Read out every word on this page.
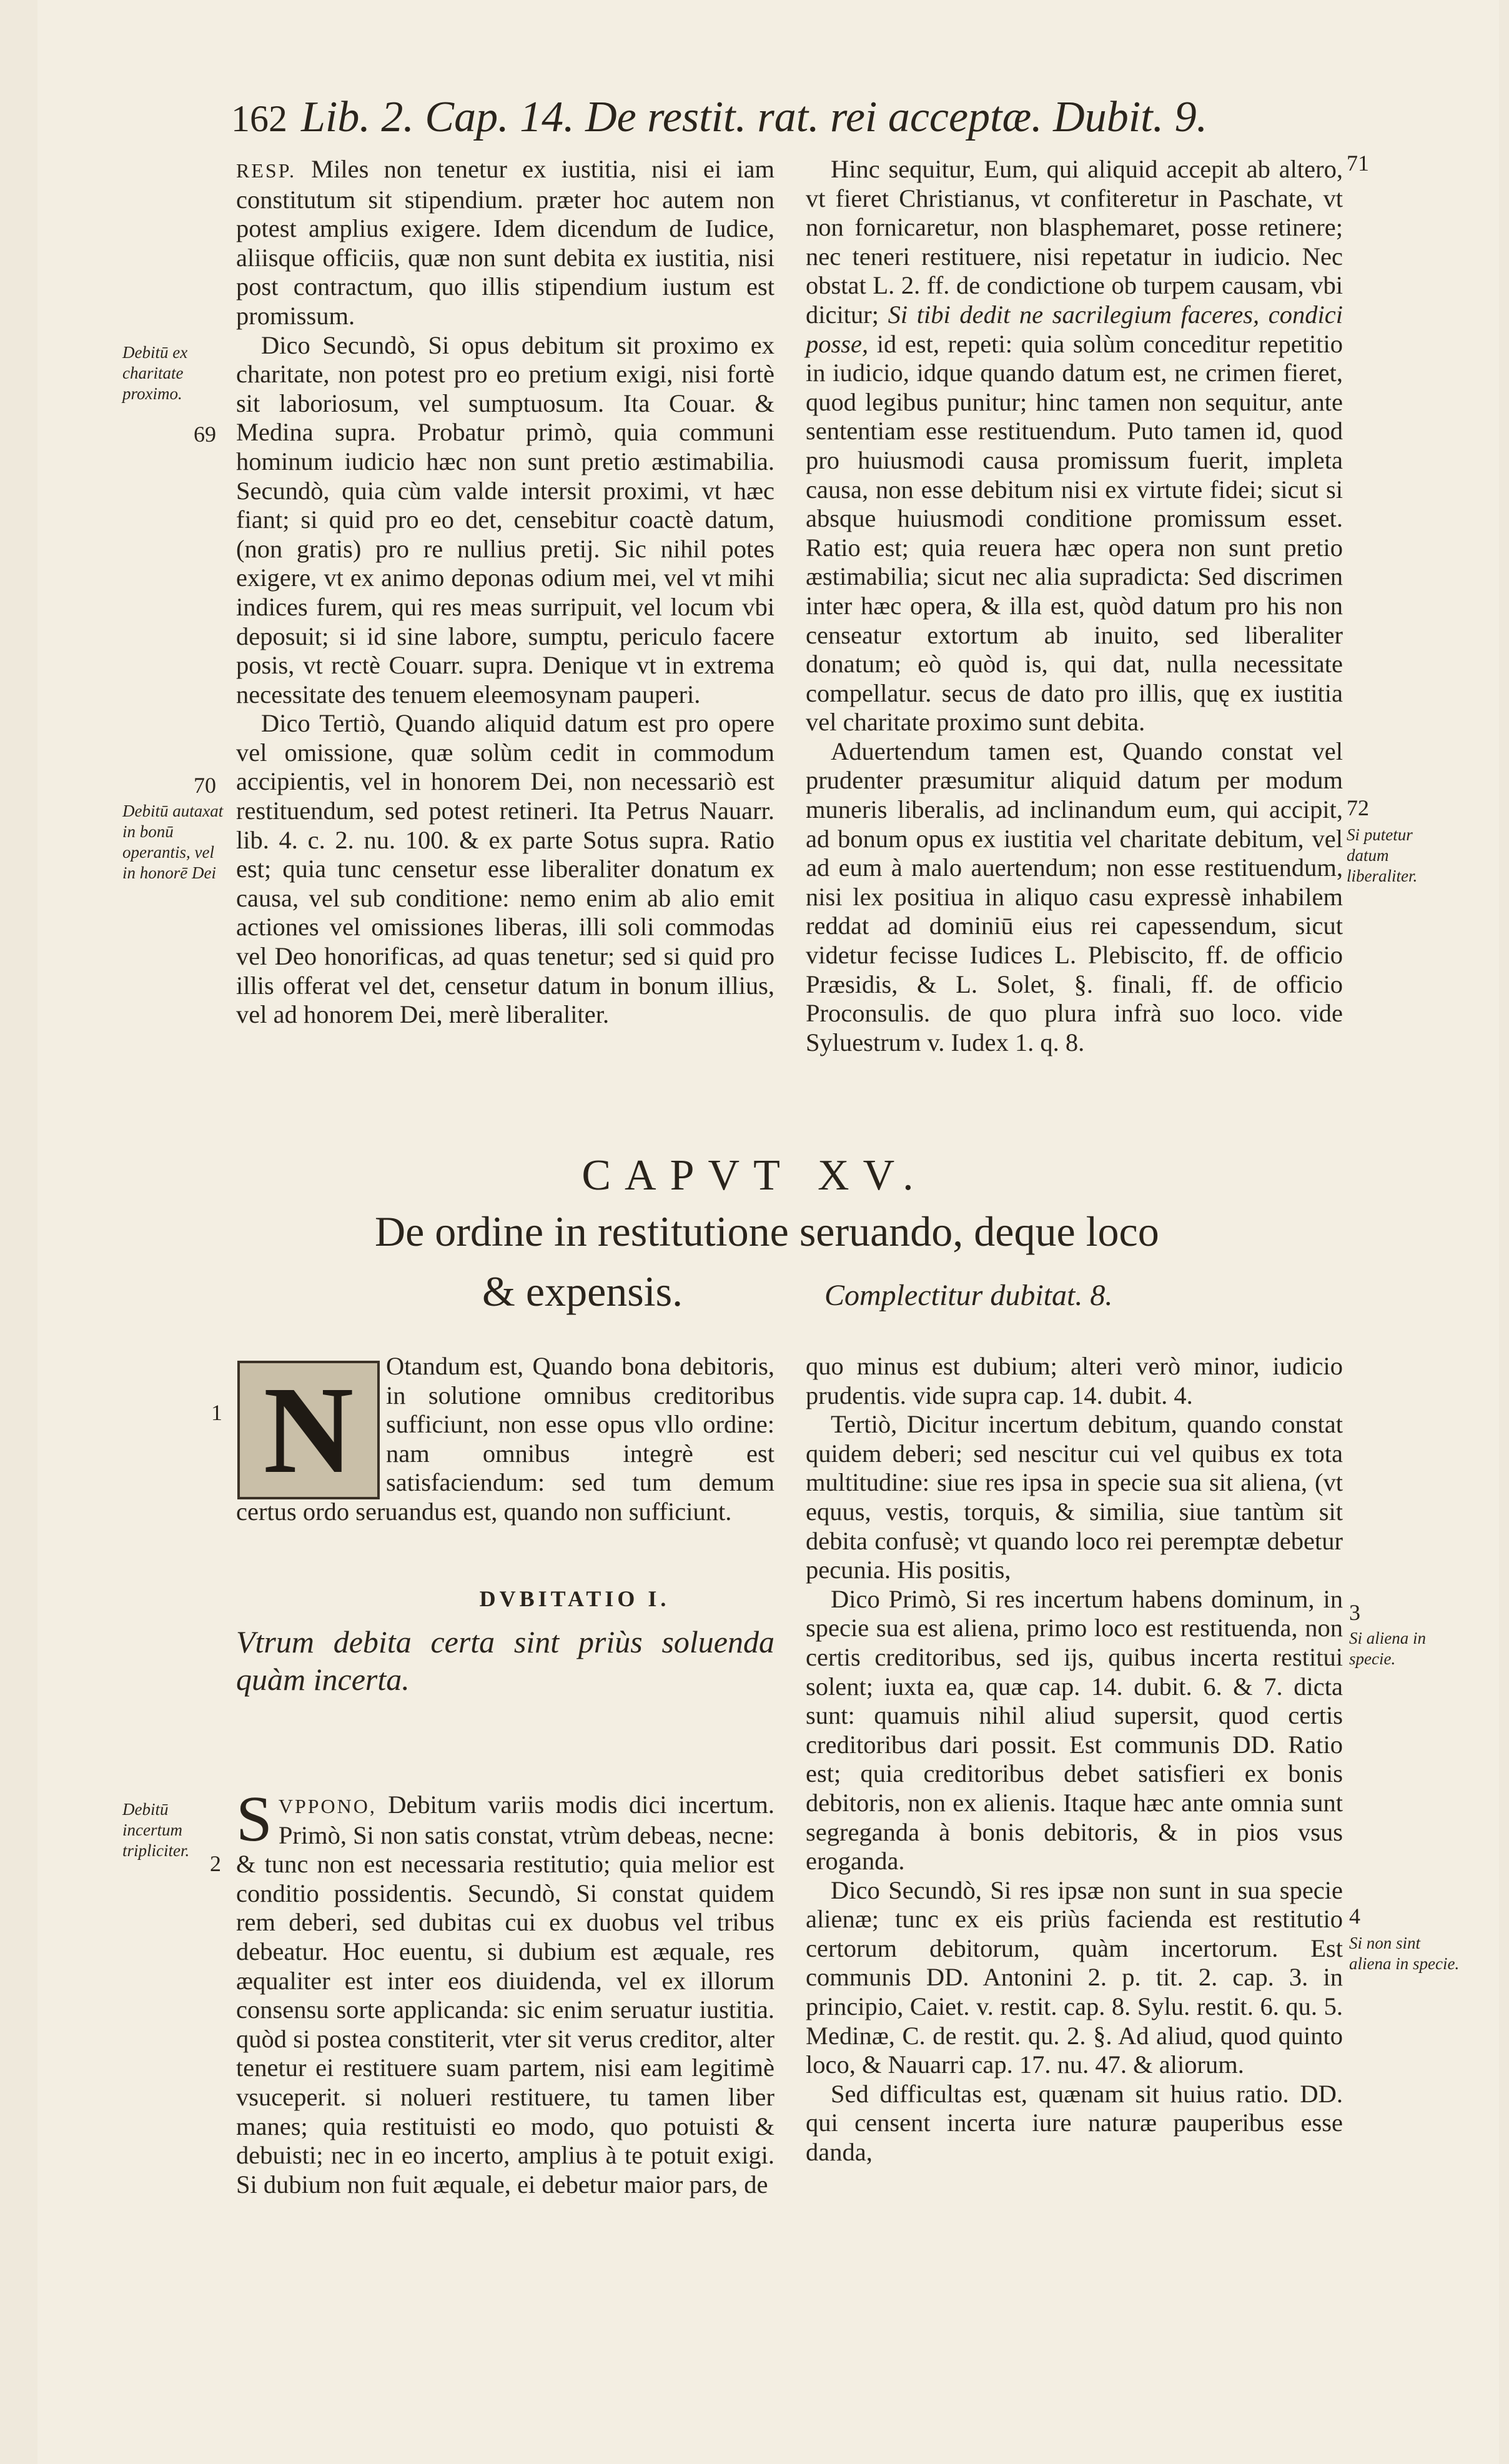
162 Lib. 2. Cap. 14. De restit. rat. rei acceptæ. Dubit. 9.

RESP. Miles non tenetur ex iustitia, nisi ei iam constitutum sit stipendium. præter hoc autem non potest amplius exigere. Idem dicendum de Iudice, aliisque officiis, quæ non sunt debita ex iustitia, nisi post contractum, quo illis stipendium iustum est promissum.

Dico Secundò, Si opus debitum sit proximo ex charitate, non potest pro eo pretium exigi, nisi fortè sit laboriosum, vel sumptuosum. Ita Couar. & Medina supra. Probatur primò, quia communi hominum iudicio hæc non sunt pretio æstimabilia. Secundò, quia cùm valde intersit proximi, vt hæc fiant; si quid pro eo det, censebitur coactè datum, (non gratis) pro re nullius pretij. Sic nihil potes exigere, vt ex animo deponas odium mei, vel vt mihi indices furem, qui res meas surripuit, vel locum vbi deposuit; si id sine labore, sumptu, periculo facere posis, vt rectè Couarr. supra. Denique vt in extrema necessitate des tenuem eleemosynam pauperi.

Dico Tertiò, Quando aliquid datum est pro opere vel omissione, quæ solùm cedit in commodum accipientis, vel in honorem Dei, non necessariò est restituendum, sed potest retineri. Ita Petrus Nauarr. lib. 4. c. 2. nu. 100. & ex parte Sotus supra. Ratio est; quia tunc censetur esse liberaliter donatum ex causa, vel sub conditione: nemo enim ab alio emit actiones vel omissiones liberas, illi soli commodas vel Deo honorificas, ad quas tenetur; sed si quid pro illis offerat vel det, censetur datum in bonum illius, vel ad honorem Dei, merè liberaliter.

Hinc sequitur, Eum, qui aliquid accepit ab altero, vt fieret Christianus, vt confiteretur in Paschate, vt non fornicaretur, non blasphemaret, posse retinere; nec teneri restituere, nisi repetatur in iudicio. Nec obstat L. 2. ff. de condictione ob turpem causam, vbi dicitur; Si tibi dedit ne sacrilegium faceres, condici posse, id est, repeti: quia solùm conceditur repetitio in iudicio, idque quando datum est, ne crimen fieret, quod legibus punitur; hinc tamen non sequitur, ante sententiam esse restituendum. Puto tamen id, quod pro huiusmodi causa promissum fuerit, impleta causa, non esse debitum nisi ex virtute fidei; sicut si absque huiusmodi conditione promissum esset. Ratio est; quia reuera hæc opera non sunt pretio æstimabilia; sicut nec alia supradicta: Sed discrimen inter hæc opera, & illa est, quòd datum pro his non censeatur extortum ab inuito, sed liberaliter donatum; eò quòd is, qui dat, nulla necessitate compellatur. secus de dato pro illis, quę ex iustitia vel charitate proximo sunt debita.

Aduertendum tamen est, Quando constat vel prudenter præsumitur aliquid datum per modum muneris liberalis, ad inclinandum eum, qui accipit, ad bonum opus ex iustitia vel charitate debitum, vel ad eum à malo auertendum; non esse restituendum, nisi lex positiua in aliquo casu expressè inhabilem reddat ad dominiū eius rei capessendum, sicut videtur fecisse Iudices L. Plebiscito, ff. de officio Præsidis, & L. Solet, §. finali, ff. de officio Proconsulis. de quo plura infrà suo loco. vide Syluestrum v. Iudex 1. q. 8.

Debitū ex charitate proximo.
69
70
Debitū autaxat in bonū operantis, vel in honorē Dei
71
72
Si putetur datum liberaliter.
CAPVT XV.
De ordine in restitutione seruando, deque loco
& expensis.	Complectitur dubitat. 8.
N
1

Otandum est, Quando bona debitoris, in solutione omnibus creditoribus sufficiunt, non esse opus vllo ordine: nam omnibus integrè est satisfaciendum: sed tum demum certus ordo seruandus est, quando non sufficiunt.

DVBITATIO I.
Vtrum debita certa sint priùs soluenda quàm incerta.

SVPPONO, Debitum variis modis dici incertum. Primò, Si non satis constat, vtrùm debeas, necne: & tunc non est necessaria restitutio; quia melior est conditio possidentis. Secundò, Si constat quidem rem deberi, sed dubitas cui ex duobus vel tribus debeatur. Hoc euentu, si dubium est æquale, res æqualiter est inter eos diuidenda, vel ex illorum consensu sorte applicanda: sic enim seruatur iustitia. quòd si postea constiterit, vter sit verus creditor, alter tenetur ei restituere suam partem, nisi eam legitimè vsuceperit. si nolueri restituere, tu tamen liber manes; quia restituisti eo modo, quo potuisti & debuisti; nec in eo incerto, amplius à te potuit exigi. Si dubium non fuit æquale, ei debetur maior pars, de

Debitū incertum tripliciter.
2

quo minus est dubium; alteri verò minor, iudicio prudentis. vide supra cap. 14. dubit. 4.

Tertiò, Dicitur incertum debitum, quando constat quidem deberi; sed nescitur cui vel quibus ex tota multitudine: siue res ipsa in specie sua sit aliena, (vt equus, vestis, torquis, & similia, siue tantùm sit debita confusè; vt quando loco rei peremptæ debetur pecunia. His positis,

Dico Primò, Si res incertum habens dominum, in specie sua est aliena, primo loco est restituenda, non certis creditoribus, sed ijs, quibus incerta restitui solent; iuxta ea, quæ cap. 14. dubit. 6. & 7. dicta sunt: quamuis nihil aliud supersit, quod certis creditoribus dari possit. Est communis DD. Ratio est; quia creditoribus debet satisfieri ex bonis debitoris, non ex alienis. Itaque hæc ante omnia sunt segreganda à bonis debitoris, & in pios vsus eroganda.

Dico Secundò, Si res ipsæ non sunt in sua specie alienæ; tunc ex eis priùs facienda est restitutio certorum debitorum, quàm incertorum. Est communis DD. Antonini 2. p. tit. 2. cap. 3. in principio, Caiet. v. restit. cap. 8. Sylu. restit. 6. qu. 5. Medinæ, C. de restit. qu. 2. §. Ad aliud, quod quinto loco, & Nauarri cap. 17. nu. 47. & aliorum.

Sed difficultas est, quænam sit huius ratio. DD. qui censent incerta iure naturæ pauperibus esse danda,

3
Si aliena in specie.
4
Si non sint aliena in specie.
